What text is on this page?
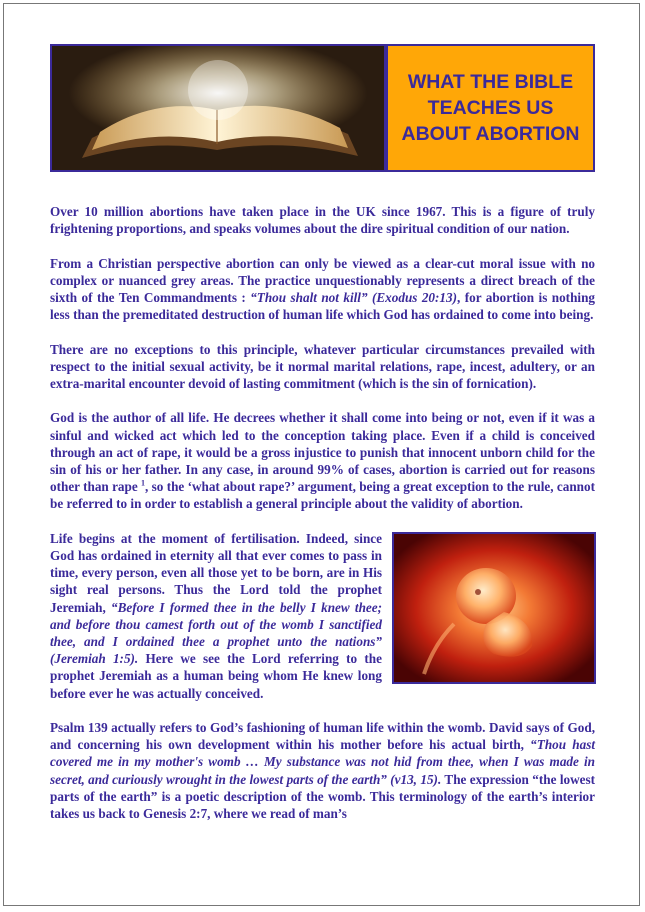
WHAT THE BIBLE TEACHES US ABOUT ABORTION

Over 10 million abortions have taken place in the UK since 1967. This is a figure of truly frightening proportions, and speaks volumes about the dire spiritual condition of our nation.

From a Christian perspective abortion can only be viewed as a clear-cut moral issue with no complex or nuanced grey areas. The practice unquestionably represents a direct breach of the sixth of the Ten Commandments : “Thou shalt not kill” (Exodus 20:13), for abortion is nothing less than the premeditated destruction of human life which God has ordained to come into being.

There are no exceptions to this principle, whatever particular circumstances prevailed with respect to the initial sexual activity, be it normal marital relations, rape, incest, adultery, or an extra-marital encounter devoid of lasting commitment (which is the sin of fornication).

God is the author of all life. He decrees whether it shall come into being or not, even if it was a sinful and wicked act which led to the conception taking place. Even if a child is conceived through an act of rape, it would be a gross injustice to punish that innocent unborn child for the sin of his or her father. In any case, in around 99% of cases, abortion is carried out for reasons other than rape $^1$, so the ‘what about rape?’ argument, being a great exception to the rule, cannot be referred to in order to establish a general principle about the validity of abortion.

Life begins at the moment of fertilisation. Indeed, since God has ordained in eternity all that ever comes to pass in time, every person, even all those yet to be born, are in His sight real persons. Thus the Lord told the prophet Jeremiah, “Before I formed thee in the belly I knew thee; and before thou camest forth out of the womb I sanctified thee, and I ordained thee a prophet unto the nations” (Jeremiah 1:5). Here we see the Lord referring to the prophet Jeremiah as a human being whom He knew long before ever he was actually conceived.

Psalm 139 actually refers to God’s fashioning of human life within the womb. David says of God, and concerning his own development within his mother before his actual birth, “Thou hast covered me in my mother's womb … My substance was not hid from thee, when I was made in secret, and curiously wrought in the lowest parts of the earth” (v13, 15). The expression “the lowest parts of the earth” is a poetic description of the womb. This terminology of the earth’s interior takes us back to Genesis 2:7, where we read of man’s
